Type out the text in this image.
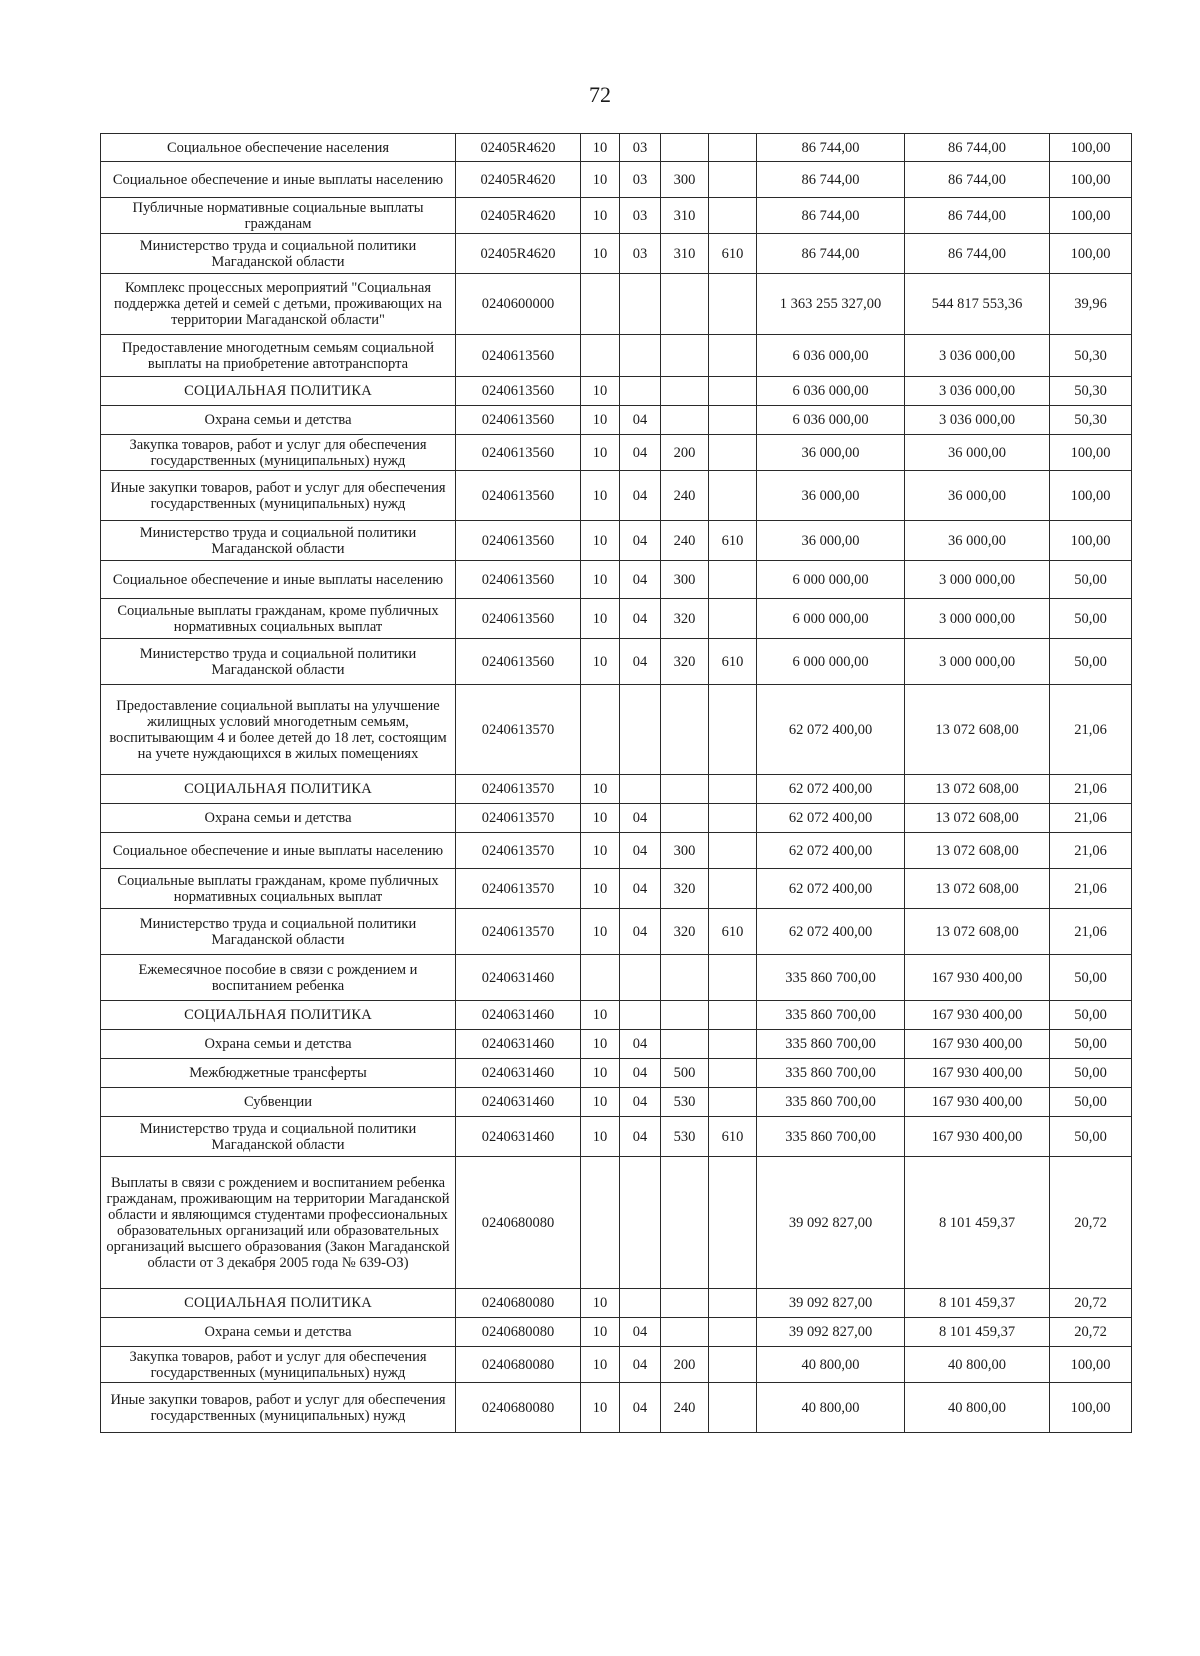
72
Социальное обеспечение населения	02405R4620	10	03			86 744,00	86 744,00	100,00
Социальное обеспечение и иные выплаты населению	02405R4620	10	03	300		86 744,00	86 744,00	100,00
Публичные нормативные социальные выплаты гражданам	02405R4620	10	03	310		86 744,00	86 744,00	100,00
Министерство труда и социальной политики Магаданской области	02405R4620	10	03	310	610	86 744,00	86 744,00	100,00
Комплекс процессных мероприятий "Социальная поддержка детей и семей с детьми, проживающих на территории Магаданской области"	0240600000					1 363 255 327,00	544 817 553,36	39,96
Предоставление многодетным семьям социальной выплаты на приобретение автотранспорта	0240613560					6 036 000,00	3 036 000,00	50,30
СОЦИАЛЬНАЯ ПОЛИТИКА	0240613560	10				6 036 000,00	3 036 000,00	50,30
Охрана семьи и детства	0240613560	10	04			6 036 000,00	3 036 000,00	50,30
Закупка товаров, работ и услуг для обеспечения государственных (муниципальных) нужд	0240613560	10	04	200		36 000,00	36 000,00	100,00
Иные закупки товаров, работ и услуг для обеспечения государственных (муниципальных) нужд	0240613560	10	04	240		36 000,00	36 000,00	100,00
Министерство труда и социальной политики Магаданской области	0240613560	10	04	240	610	36 000,00	36 000,00	100,00
Социальное обеспечение и иные выплаты населению	0240613560	10	04	300		6 000 000,00	3 000 000,00	50,00
Социальные выплаты гражданам, кроме публичных нормативных социальных выплат	0240613560	10	04	320		6 000 000,00	3 000 000,00	50,00
Министерство труда и социальной политики Магаданской области	0240613560	10	04	320	610	6 000 000,00	3 000 000,00	50,00
Предоставление социальной выплаты на улучшение жилищных условий многодетным семьям, воспитывающим 4 и более детей до 18 лет, состоящим на учете нуждающихся в жилых помещениях	0240613570					62 072 400,00	13 072 608,00	21,06
СОЦИАЛЬНАЯ ПОЛИТИКА	0240613570	10				62 072 400,00	13 072 608,00	21,06
Охрана семьи и детства	0240613570	10	04			62 072 400,00	13 072 608,00	21,06
Социальное обеспечение и иные выплаты населению	0240613570	10	04	300		62 072 400,00	13 072 608,00	21,06
Социальные выплаты гражданам, кроме публичных нормативных социальных выплат	0240613570	10	04	320		62 072 400,00	13 072 608,00	21,06
Министерство труда и социальной политики Магаданской области	0240613570	10	04	320	610	62 072 400,00	13 072 608,00	21,06
Ежемесячное пособие в связи с рождением и воспитанием ребенка	0240631460					335 860 700,00	167 930 400,00	50,00
СОЦИАЛЬНАЯ ПОЛИТИКА	0240631460	10				335 860 700,00	167 930 400,00	50,00
Охрана семьи и детства	0240631460	10	04			335 860 700,00	167 930 400,00	50,00
Межбюджетные трансферты	0240631460	10	04	500		335 860 700,00	167 930 400,00	50,00
Субвенции	0240631460	10	04	530		335 860 700,00	167 930 400,00	50,00
Министерство труда и социальной политики Магаданской области	0240631460	10	04	530	610	335 860 700,00	167 930 400,00	50,00
Выплаты в связи с рождением и воспитанием ребенка гражданам, проживающим на территории Магаданской области и являющимся студентами профессиональных образовательных организаций или образовательных организаций высшего образования (Закон Магаданской области от 3 декабря 2005 года № 639-ОЗ)	0240680080					39 092 827,00	8 101 459,37	20,72
СОЦИАЛЬНАЯ ПОЛИТИКА	0240680080	10				39 092 827,00	8 101 459,37	20,72
Охрана семьи и детства	0240680080	10	04			39 092 827,00	8 101 459,37	20,72
Закупка товаров, работ и услуг для обеспечения государственных (муниципальных) нужд	0240680080	10	04	200		40 800,00	40 800,00	100,00
Иные закупки товаров, работ и услуг для обеспечения государственных (муниципальных) нужд	0240680080	10	04	240		40 800,00	40 800,00	100,00
